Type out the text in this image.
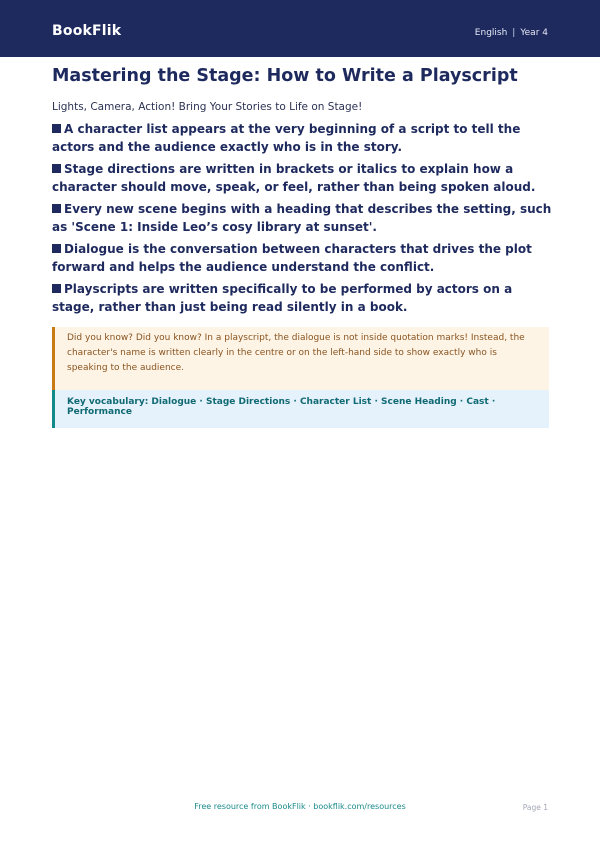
BookFlik	English | Year 4
Mastering the Stage: How to Write a Playscript
Lights, Camera, Action! Bring Your Stories to Life on Stage!
A character list appears at the very beginning of a script to tell the actors and the audience exactly who is in the story.
Stage directions are written in brackets or italics to explain how a character should move, speak, or feel, rather than being spoken aloud.
Every new scene begins with a heading that describes the setting, such as 'Scene 1: Inside Leo’s cosy library at sunset'.
Dialogue is the conversation between characters that drives the plot forward and helps the audience understand the conflict.
Playscripts are written specifically to be performed by actors on a stage, rather than just being read silently in a book.
Did you know? Did you know? In a playscript, the dialogue is not inside quotation marks! Instead, the character's name is written clearly in the centre or on the left-hand side to show exactly who is speaking to the audience.
Key vocabulary: Dialogue · Stage Directions · Character List · Scene Heading · Cast · Performance
Free resource from BookFlik · bookflik.com/resources	Page 1
